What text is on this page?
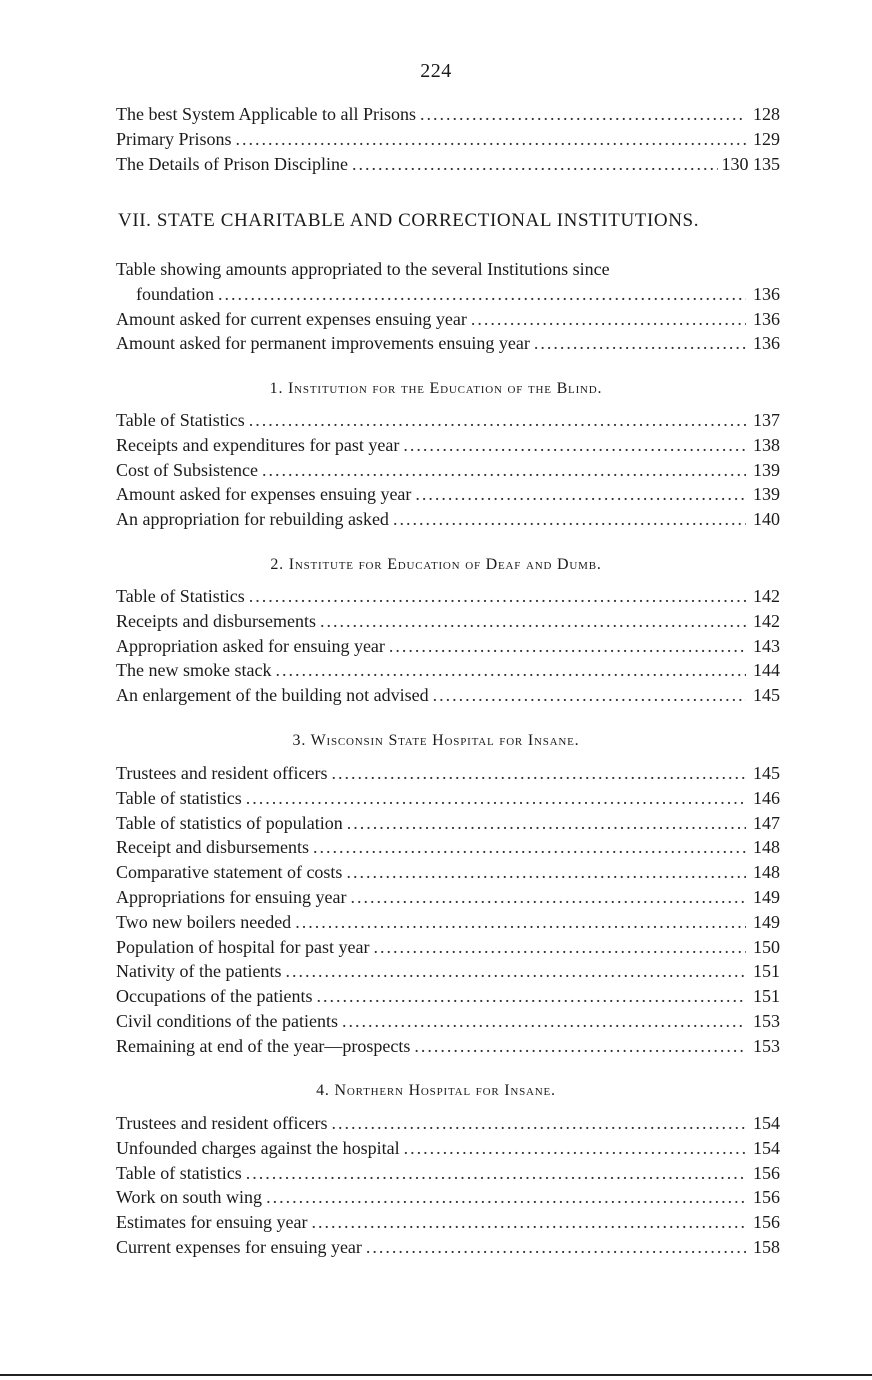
224
The best System Applicable to all Prisons .....	128
Primary Prisons .....	129
The Details of Prison Discipline .....	130 135
VII. STATE CHARITABLE AND CORRECTIONAL INSTITUTIONS.
Table showing amounts appropriated to the several Institutions since
foundation .....	136
Amount asked for current expenses ensuing year .....	136
Amount asked for permanent improvements ensuing year .....	136
1. Institution for the Education of the Blind.
Table of Statistics .....	137
Receipts and expenditures for past year .....	138
Cost of Subsistence .....	139
Amount asked for expenses ensuing year .....	139
An appropriation for rebuilding asked .....	140
2. Institute for Education of Deaf and Dumb.
Table of Statistics .....	142
Receipts and disbursements .....	142
Appropriation asked for ensuing year .....	143
The new smoke stack .....	144
An enlargement of the building not advised .....	145
3. Wisconsin State Hospital for Insane.
Trustees and resident officers .....	145
Table of statistics .....	146
Table of statistics of population .....	147
Receipt and disbursements .....	148
Comparative statement of costs .....	148
Appropriations for ensuing year .....	149
Two new boilers needed .....	149
Population of hospital for past year .....	150
Nativity of the patients .....	151
Occupations of the patients .....	151
Civil conditions of the patients .....	153
Remaining at end of the year—prospects .....	153
4. Northern Hospital for Insane.
Trustees and resident officers .....	154
Unfounded charges against the hospital .....	154
Table of statistics .....	156
Work on south wing .....	156
Estimates for ensuing year .....	156
Current expenses for ensuing year .....	158
